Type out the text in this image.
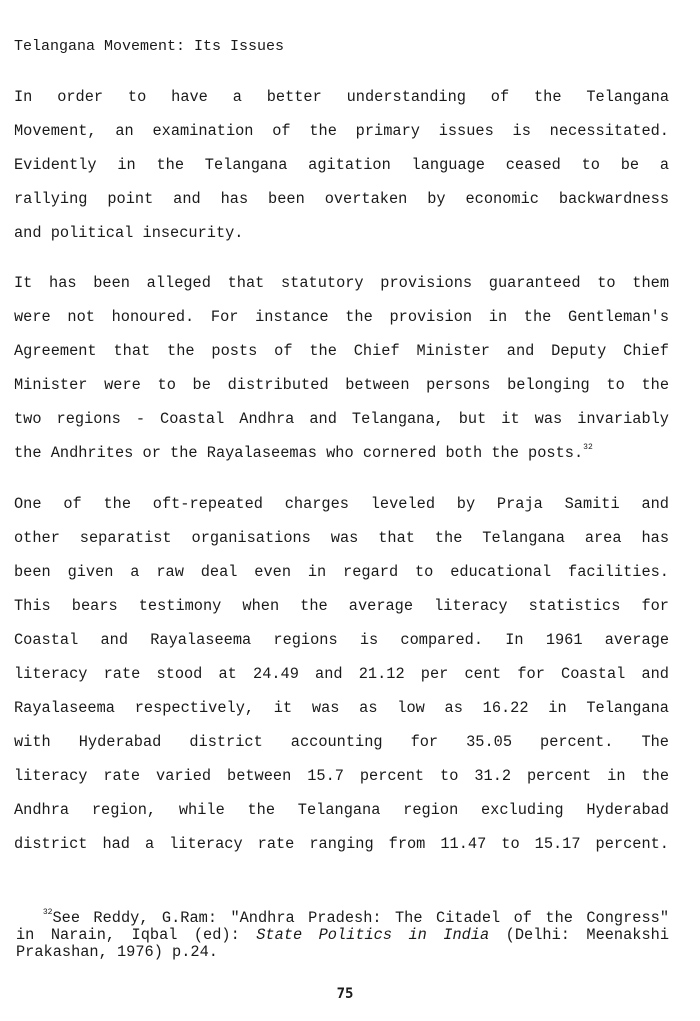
Telangana Movement: Its Issues
In order to have a better understanding of the Telangana
Movement, an examination of the primary issues is necessitated.
Evidently in the Telangana agitation language ceased to be a
rallying point and has been overtaken by economic backwardness
and political insecurity.
It has been alleged that statutory provisions guaranteed to them
were not honoured. For instance the provision in the Gentleman's
Agreement that the posts of the Chief Minister and Deputy Chief
Minister were to be distributed between persons belonging to the
two regions - Coastal Andhra and Telangana, but it was invariably
the Andhrites or the Rayalaseemas who cornered both the posts.$^{32}$
One of the oft-repeated charges leveled by Praja Samiti and
other separatist organisations was that the Telangana area has
been given a raw deal even in regard to educational facilities.
This bears testimony when the average literacy statistics for
Coastal and Rayalaseema regions is compared. In 1961 average
literacy rate stood at 24.49 and 21.12 per cent for Coastal and
Rayalaseema respectively, it was as low as 16.22 in Telangana
with Hyderabad district accounting for 35.05 percent. The
literacy rate varied between 15.7 percent to 31.2 percent in the
Andhra region, while the Telangana region excluding Hyderabad
district had a literacy rate ranging from 11.47 to 15.17 percent.
$^{32}$See Reddy, G.Ram: "Andhra Pradesh: The Citadel of the Congress"
in Narain, Iqbal (ed): State Politics in India (Delhi: Meenakshi
Prakashan, 1976) p.24.
75
